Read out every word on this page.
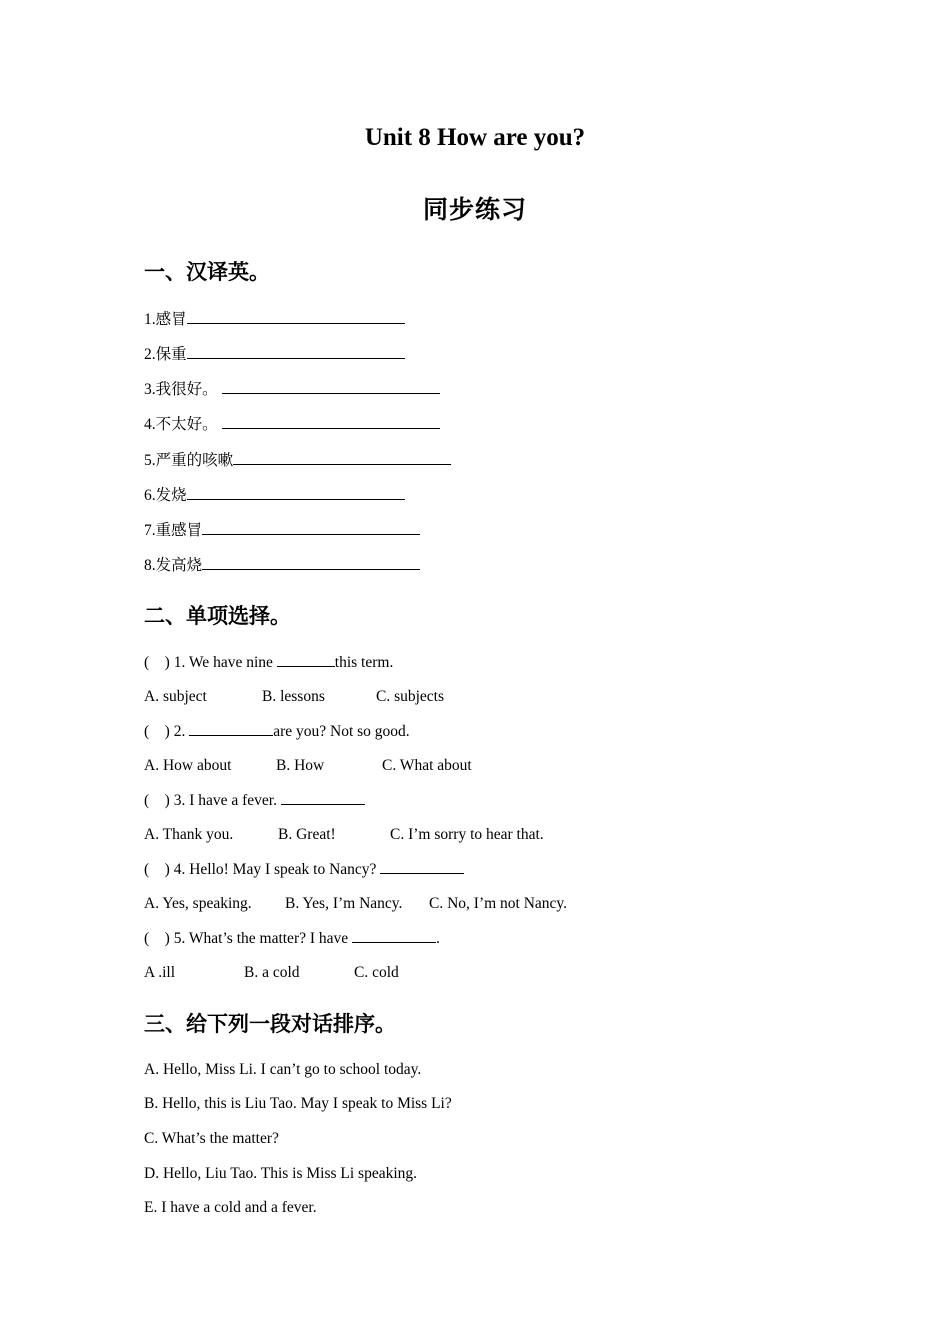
Unit 8 How are you?
同步练习
一、汉译英。

1.感冒

2.保重

3.我很好。

4.不太好。

5.严重的咳嗽

6.发烧

7.重感冒

8.发高烧

二、单项选择。

(    ) 1. We have nine	this term.

A. subject	B. lessons	C. subjects

(    ) 2.	are you? Not so good.

A. How about	B. How	C. What about

(    ) 3. I have a fever.

A. Thank you.	B. Great!	C. I’m sorry to hear that.

(    ) 4. Hello! May I speak to Nancy?

A. Yes, speaking. B. Yes, I’m Nancy. C. No, I’m not Nancy.

(    ) 5. What’s the matter? I have	.

A .ill	B. a cold	C. cold

三、给下列一段对话排序。

A. Hello, Miss Li. I can’t go to school today.

B. Hello, this is Liu Tao. May I speak to Miss Li?

C. What’s the matter?

D. Hello, Liu Tao. This is Miss Li speaking.

E. I have a cold and a fever.
